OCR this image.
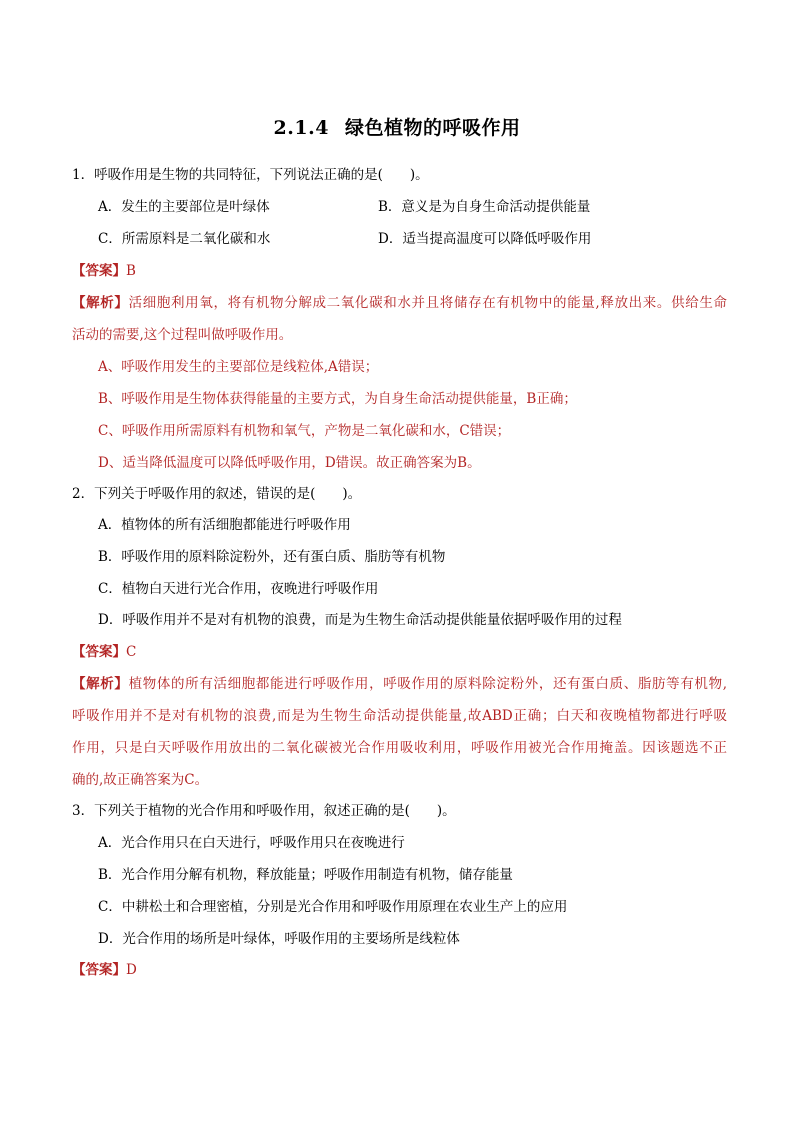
2.1.4 绿色植物的呼吸作用
1．呼吸作用是生物的共同特征，下列说法正确的是(　　)。
A．发生的主要部位是叶绿体	B．意义是为自身生命活动提供能量
C．所需原料是二氧化碳和水	D．适当提高温度可以降低呼吸作用
【答案】B
【解析】活细胞利用氧，将有机物分解成二氧化碳和水并且将储存在有机物中的能量,释放出来。供给生命
活动的需要,这个过程叫做呼吸作用。
A、呼吸作用发生的主要部位是线粒体,A错误；
B、呼吸作用是生物体获得能量的主要方式，为自身生命活动提供能量，B正确；
C、呼吸作用所需原料有机物和氧气，产物是二氧化碳和水，C错误；
D、适当降低温度可以降低呼吸作用，D错误。故正确答案为B。
2．下列关于呼吸作用的叙述，错误的是(　　)。
A．植物体的所有活细胞都能进行呼吸作用
B．呼吸作用的原料除淀粉外，还有蛋白质、脂肪等有机物
C．植物白天进行光合作用，夜晚进行呼吸作用
D．呼吸作用并不是对有机物的浪费，而是为生物生命活动提供能量依据呼吸作用的过程
【答案】C
【解析】植物体的所有活细胞都能进行呼吸作用，呼吸作用的原料除淀粉外，还有蛋白质、脂肪等有机物,
呼吸作用并不是对有机物的浪费,而是为生物生命活动提供能量,故ABD正确；白天和夜晚植物都进行呼吸
作用，只是白天呼吸作用放出的二氧化碳被光合作用吸收利用，呼吸作用被光合作用掩盖。因该题选不正
确的,故正确答案为C。
3．下列关于植物的光合作用和呼吸作用，叙述正确的是(　　)。
A．光合作用只在白天进行，呼吸作用只在夜晚进行
B．光合作用分解有机物，释放能量；呼吸作用制造有机物，储存能量
C．中耕松土和合理密植，分别是光合作用和呼吸作用原理在农业生产上的应用
D．光合作用的场所是叶绿体，呼吸作用的主要场所是线粒体
【答案】D
